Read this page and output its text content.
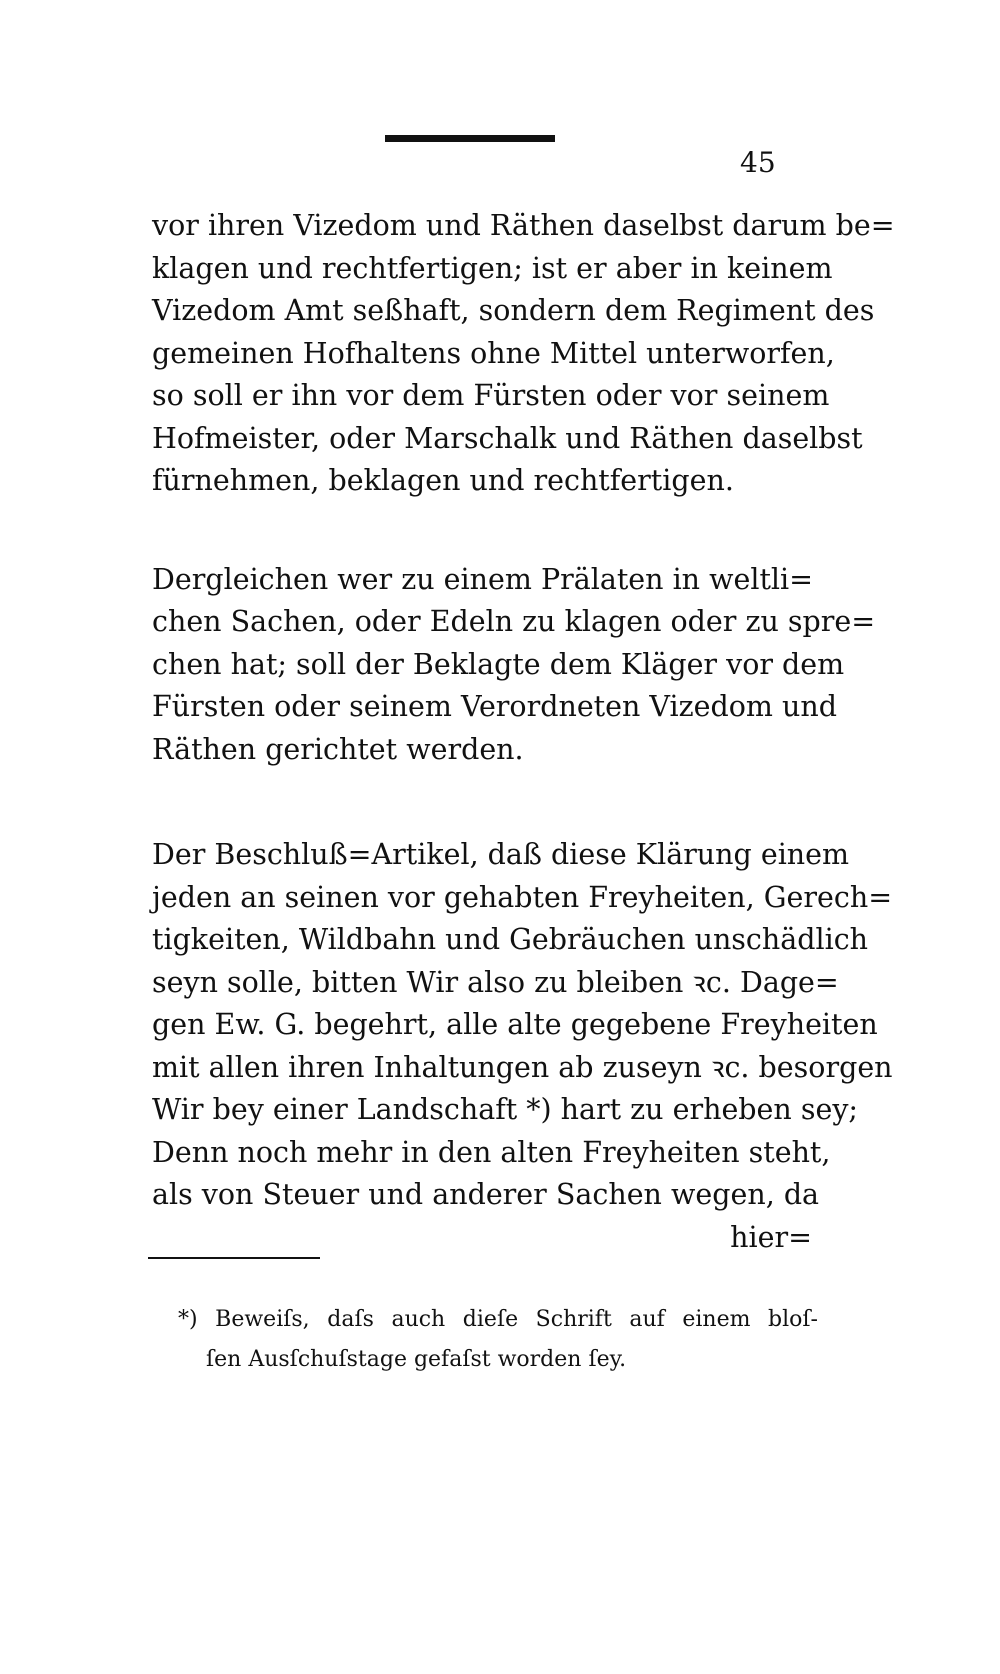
45
vor ihren Vizedom und Räthen daselbst darum be=
klagen und rechtfertigen; ist er aber in keinem
Vizedom Amt seßhaft, sondern dem Regiment des
gemeinen Hofhaltens ohne Mittel unterworfen,
so soll er ihn vor dem Fürsten oder vor seinem
Hofmeister, oder Marschalk und Räthen daselbst
fürnehmen, beklagen und rechtfertigen.
Dergleichen wer zu einem Prälaten in weltli=
chen Sachen, oder Edeln zu klagen oder zu spre=
chen hat; soll der Beklagte dem Kläger vor dem
Fürsten oder seinem Verordneten Vizedom und
Räthen gerichtet werden.
Der Beschluß=Artikel, daß diese Klärung einem
jeden an seinen vor gehabten Freyheiten, Gerech=
tigkeiten, Wildbahn und Gebräuchen unschädlich
seyn solle, bitten Wir also zu bleiben ꝛc. Dage=
gen Ew. G. begehrt, alle alte gegebene Freyheiten
mit allen ihren Inhaltungen ab zuseyn ꝛc. besorgen
Wir bey einer Landschaft *) hart zu erheben sey;
Denn noch mehr in den alten Freyheiten steht,
als von Steuer und anderer Sachen wegen, da
hier=
*) Beweiſs, daſs auch dieſe Schrift auf einem bloſ-
ſen Ausſchuſstage gefaſst worden ſey.
